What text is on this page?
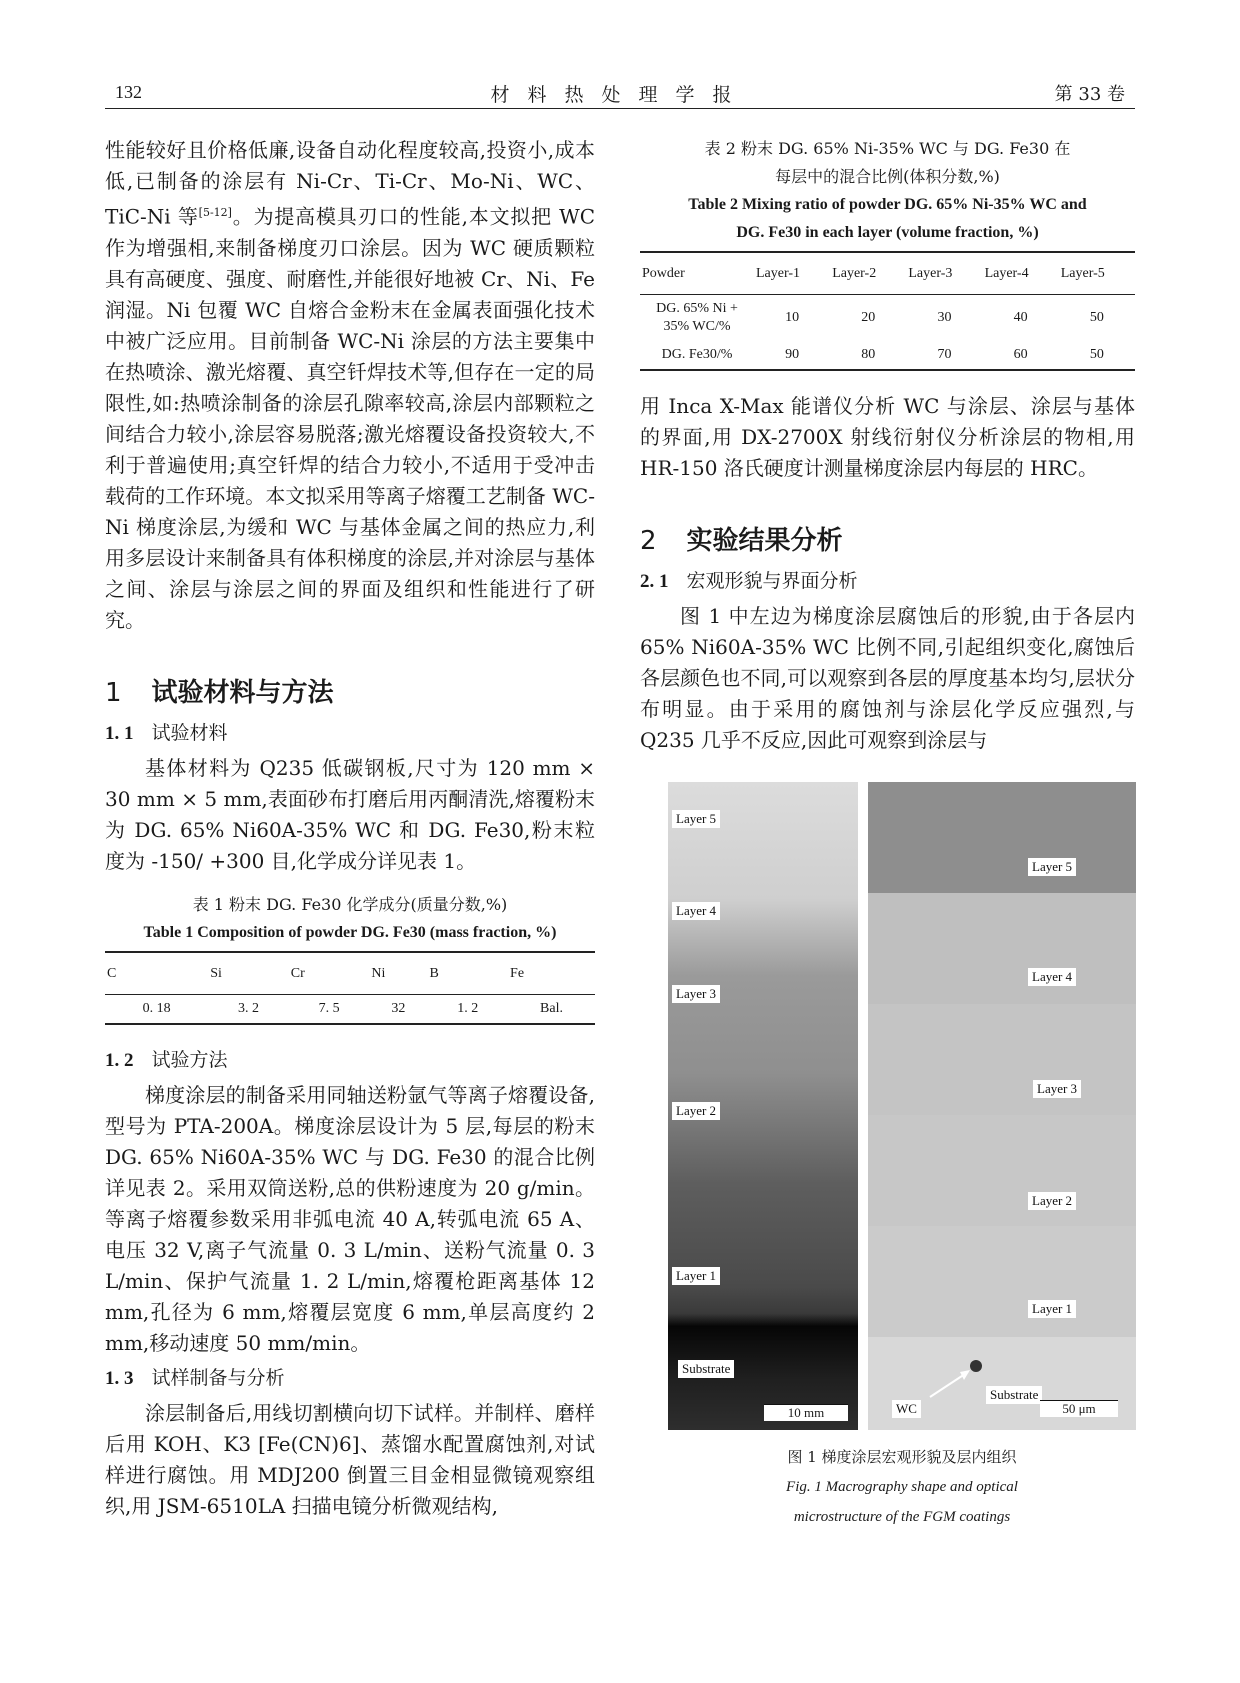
132	材料热处理学报	第 33 卷

性能较好且价格低廉,设备自动化程度较高,投资小,成本低,已制备的涂层有 Ni-Cr、Ti-Cr、Mo-Ni、WC、TiC-Ni 等[5-12]。为提高模具刃口的性能,本文拟把 WC 作为增强相,来制备梯度刃口涂层。因为 WC 硬质颗粒具有高硬度、强度、耐磨性,并能很好地被 Cr、Ni、Fe 润湿。Ni 包覆 WC 自熔合金粉末在金属表面强化技术中被广泛应用。目前制备 WC-Ni 涂层的方法主要集中在热喷涂、激光熔覆、真空钎焊技术等,但存在一定的局限性,如:热喷涂制备的涂层孔隙率较高,涂层内部颗粒之间结合力较小,涂层容易脱落;激光熔覆设备投资较大,不利于普遍使用;真空钎焊的结合力较小,不适用于受冲击载荷的工作环境。本文拟采用等离子熔覆工艺制备 WC-Ni 梯度涂层,为缓和 WC 与基体金属之间的热应力,利用多层设计来制备具有体积梯度的涂层,并对涂层与基体之间、涂层与涂层之间的界面及组织和性能进行了研究。

1 试验材料与方法
1. 1 试验材料

基体材料为 Q235 低碳钢板,尺寸为 120 mm × 30 mm × 5 mm,表面砂布打磨后用丙酮清洗,熔覆粉末为 DG. 65% Ni60A-35% WC 和 DG. Fe30,粉末粒度为 -150/ +300 目,化学成分详见表 1。

表 1 粉末 DG. Fe30 化学成分(质量分数,%)
Table 1 Composition of powder DG. Fe30 (mass fraction, %)
C	Si	Cr	Ni	B	Fe
0. 18	3. 2	7. 5	32	1. 2	Bal.
1. 2 试验方法

梯度涂层的制备采用同轴送粉氩气等离子熔覆设备,型号为 PTA-200A。梯度涂层设计为 5 层,每层的粉末 DG. 65% Ni60A-35% WC 与 DG. Fe30 的混合比例详见表 2。采用双筒送粉,总的供粉速度为 20 g/min。等离子熔覆参数采用非弧电流 40 A,转弧电流 65 A、电压 32 V,离子气流量 0. 3 L/min、送粉气流量 0. 3 L/min、保护气流量 1. 2 L/min,熔覆枪距离基体 12 mm,孔径为 6 mm,熔覆层宽度 6 mm,单层高度约 2 mm,移动速度 50 mm/min。

1. 3 试样制备与分析

涂层制备后,用线切割横向切下试样。并制样、磨样后用 KOH、K3 [Fe(CN)6]、蒸馏水配置腐蚀剂,对试样进行腐蚀。用 MDJ200 倒置三目金相显微镜观察组织,用 JSM-6510LA 扫描电镜分析微观结构,

表 2 粉末 DG. 65% Ni-35% WC 与 DG. Fe30 在
每层中的混合比例(体积分数,%)
Table 2 Mixing ratio of powder DG. 65% Ni-35% WC and
DG. Fe30 in each layer (volume fraction, %)
Powder	Layer-1	Layer-2	Layer-3	Layer-4	Layer-5
DG. 65% Ni + 35% WC/%	10	20	30	40	50
DG. Fe30/%	90	80	70	60	50

用 Inca X-Max 能谱仪分析 WC 与涂层、涂层与基体的界面,用 DX-2700X 射线衍射仪分析涂层的物相,用 HR-150 洛氏硬度计测量梯度涂层内每层的 HRC。

2 实验结果分析
2. 1 宏观形貌与界面分析

图 1 中左边为梯度涂层腐蚀后的形貌,由于各层内 65% Ni60A-35% WC 比例不同,引起组织变化,腐蚀后各层颜色也不同,可以观察到各层的厚度基本均匀,层状分布明显。由于采用的腐蚀剂与涂层化学反应强烈,与 Q235 几乎不反应,因此可观察到涂层与

Layer 5
Layer 4
Layer 3
Layer 2
Layer 1
Substrate
10 mm
Layer 5
Layer 4
Layer 3
Layer 2
Layer 1
Substrate
WC	50 μm
图 1 梯度涂层宏观形貌及层内组织
Fig. 1 Macrography shape and optical
microstructure of the FGM coatings
